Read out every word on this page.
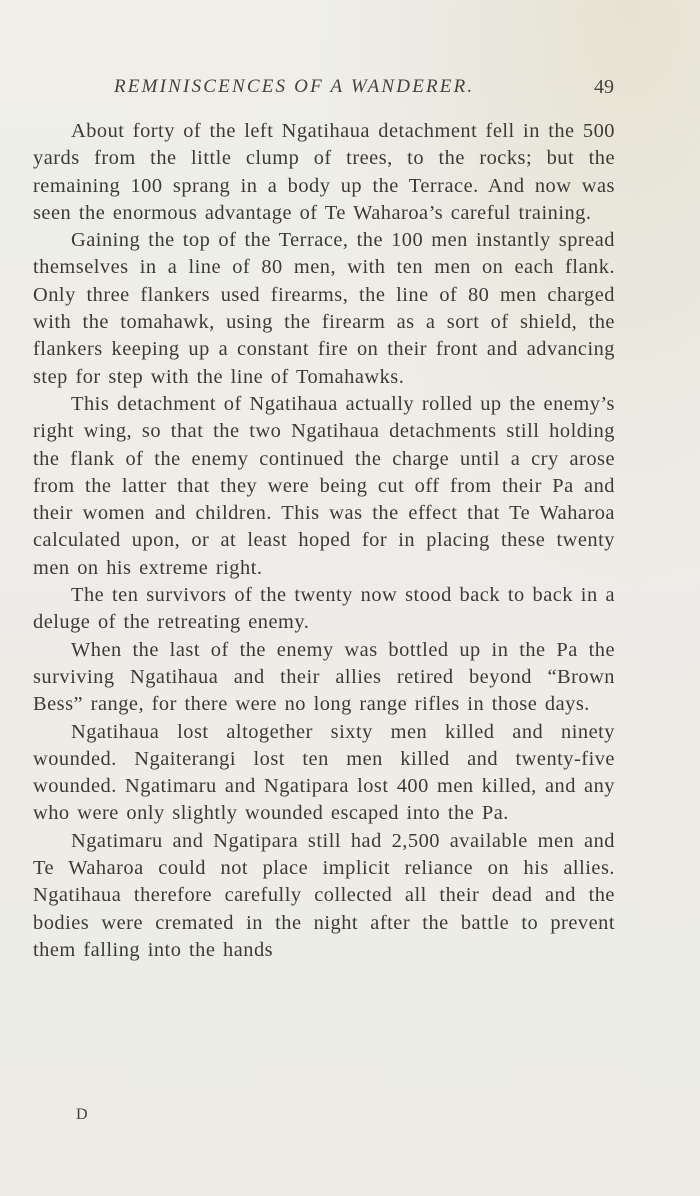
REMINISCENCES OF A WANDERER.	49

About forty of the left Ngatihaua detachment fell in the 500 yards from the little clump of trees, to the rocks; but the remaining 100 sprang in a body up the Terrace. And now was seen the enormous advantage of Te Waharoa’s careful training.

Gaining the top of the Terrace, the 100 men instantly spread themselves in a line of 80 men, with ten men on each flank. Only three flankers used firearms, the line of 80 men charged with the tomahawk, using the firearm as a sort of shield, the flankers keeping up a constant fire on their front and advancing step for step with the line of Tomahawks.

This detachment of Ngatihaua actually rolled up the enemy’s right wing, so that the two Ngatihaua detachments still holding the flank of the enemy continued the charge until a cry arose from the latter that they were being cut off from their Pa and their women and children. This was the effect that Te Waharoa calculated upon, or at least hoped for in placing these twenty men on his extreme right.

The ten survivors of the twenty now stood back to back in a deluge of the retreating enemy.

When the last of the enemy was bottled up in the Pa the surviving Ngatihaua and their allies retired beyond “Brown Bess” range, for there were no long range rifles in those days.

Ngatihaua lost altogether sixty men killed and ninety wounded. Ngaiterangi lost ten men killed and twenty-five wounded. Ngatimaru and Ngatipara lost 400 men killed, and any who were only slightly wounded escaped into the Pa.

Ngatimaru and Ngatipara still had 2,500 available men and Te Waharoa could not place implicit reliance on his allies. Ngatihaua therefore carefully collected all their dead and the bodies were cremated in the night after the battle to prevent them falling into the hands

D
